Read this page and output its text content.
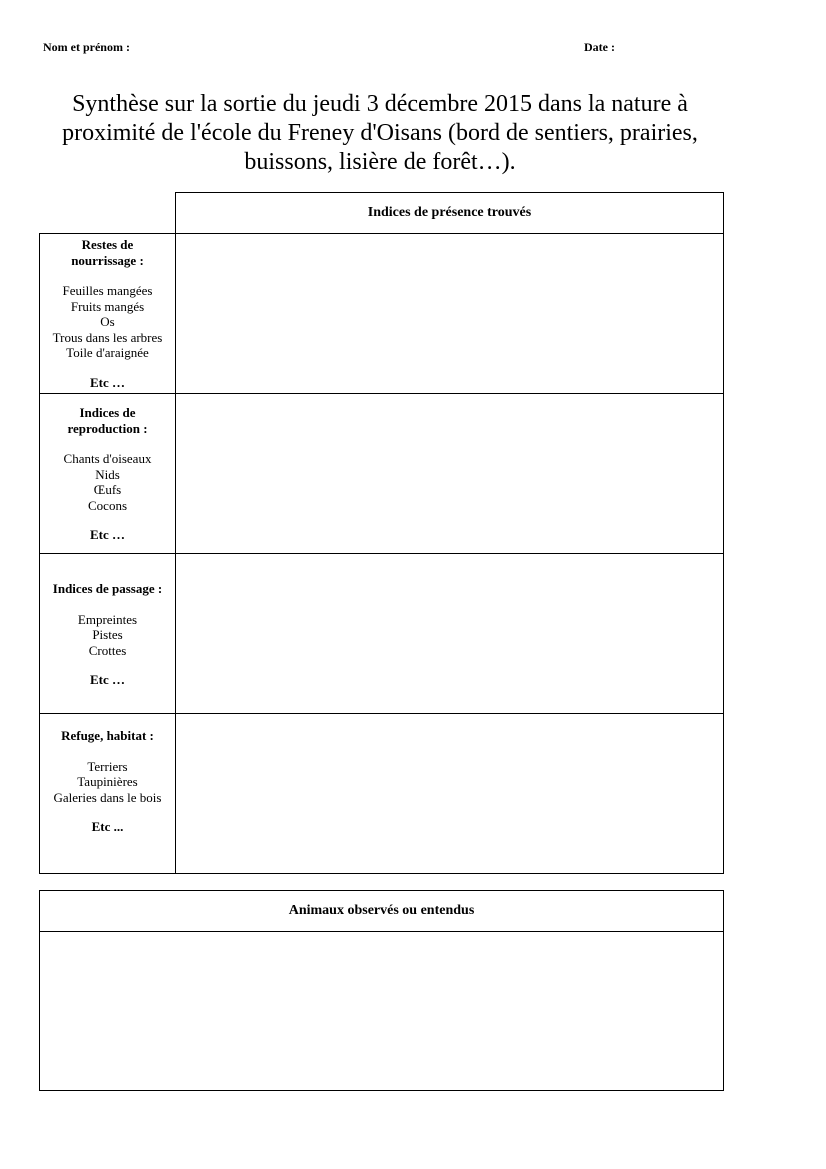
Nom et prénom :	Date :
Synthèse sur la sortie du jeudi 3 décembre 2015 dans la nature à
proximité de l'école du Freney d'Oisans (bord de sentiers, prairies,
buissons, lisière de forêt…).
Indices de présence trouvés
Restes de
nourrissage :
Feuilles mangées
Fruits mangés
Os
Trous dans les arbres
Toile d'araignée
Etc …
Indices de
reproduction :
Chants d'oiseaux
Nids
Œufs
Cocons
Etc …
Indices de passage :
Empreintes
Pistes
Crottes
Etc …
Refuge, habitat :
Terriers
Taupinières
Galeries dans le bois
Etc ...
Animaux observés ou entendus
